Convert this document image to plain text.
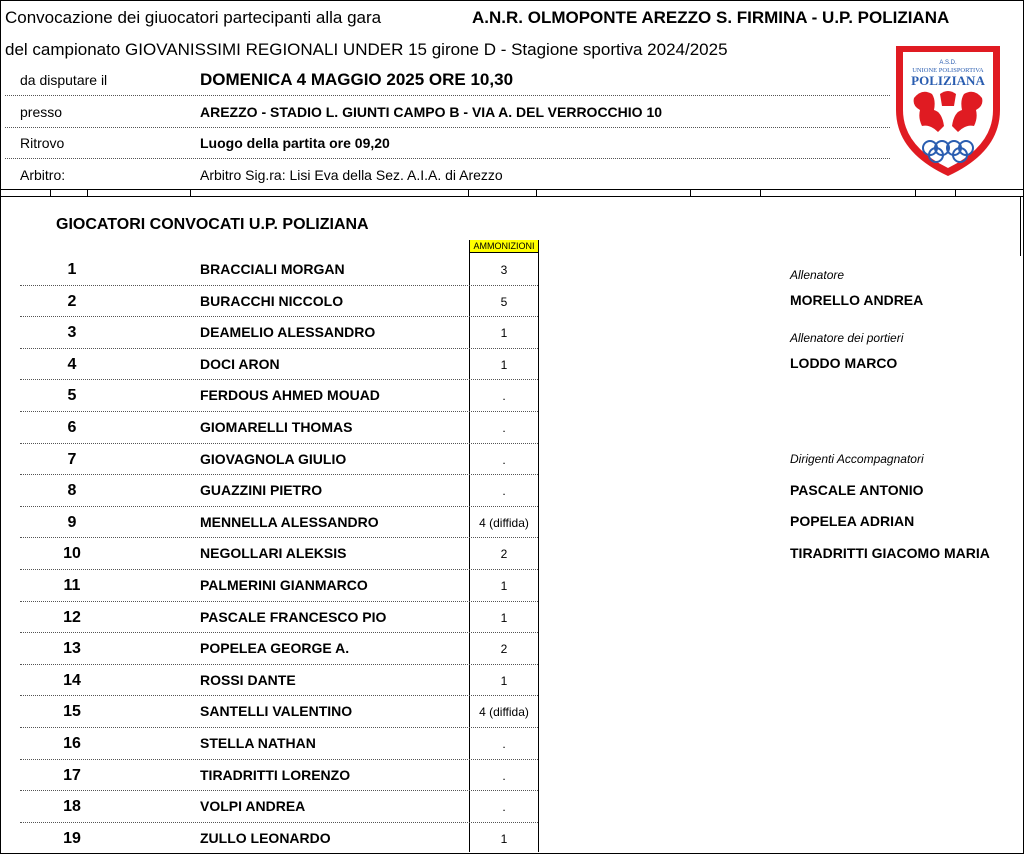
Convocazione dei giuocatori partecipanti alla gara	A.N.R. OLMOPONTE AREZZO S. FIRMINA - U.P. POLIZIANA
del campionato GIOVANISSIMI REGIONALI UNDER 15 girone D - Stagione sportiva 2024/2025
da disputare il	DOMENICA 4 MAGGIO 2025 ORE 10,30
presso	AREZZO - STADIO L. GIUNTI CAMPO B - VIA A. DEL VERROCCHIO 10
Ritrovo	Luogo della partita ore 09,20
Arbitro:	Arbitro Sig.ra: Lisi Eva della Sez. A.I.A. di Arezzo
A.S.D.
UNIONE POLISPORTIVA
POLIZIANA
GIOCATORI CONVOCATI U.P. POLIZIANA
AMMONIZIONI
1	BRACCIALI MORGAN	3
2	BURACCHI NICCOLO	5
3	DEAMELIO ALESSANDRO	1
4	DOCI ARON	1
5	FERDOUS AHMED MOUAD	.
6	GIOMARELLI THOMAS	.
7	GIOVAGNOLA GIULIO	.
8	GUAZZINI PIETRO	.
9	MENNELLA ALESSANDRO	4 (diffida)
10	NEGOLLARI ALEKSIS	2
11	PALMERINI GIANMARCO	1
12	PASCALE FRANCESCO PIO	1
13	POPELEA GEORGE A.	2
14	ROSSI DANTE	1
15	SANTELLI VALENTINO	4 (diffida)
16	STELLA NATHAN	.
17	TIRADRITTI LORENZO	.
18	VOLPI ANDREA	.
19	ZULLO LEONARDO	1
Allenatore
MORELLO ANDREA
Allenatore dei portieri
LODDO MARCO
Dirigenti Accompagnatori
PASCALE ANTONIO
POPELEA ADRIAN
TIRADRITTI GIACOMO MARIA
